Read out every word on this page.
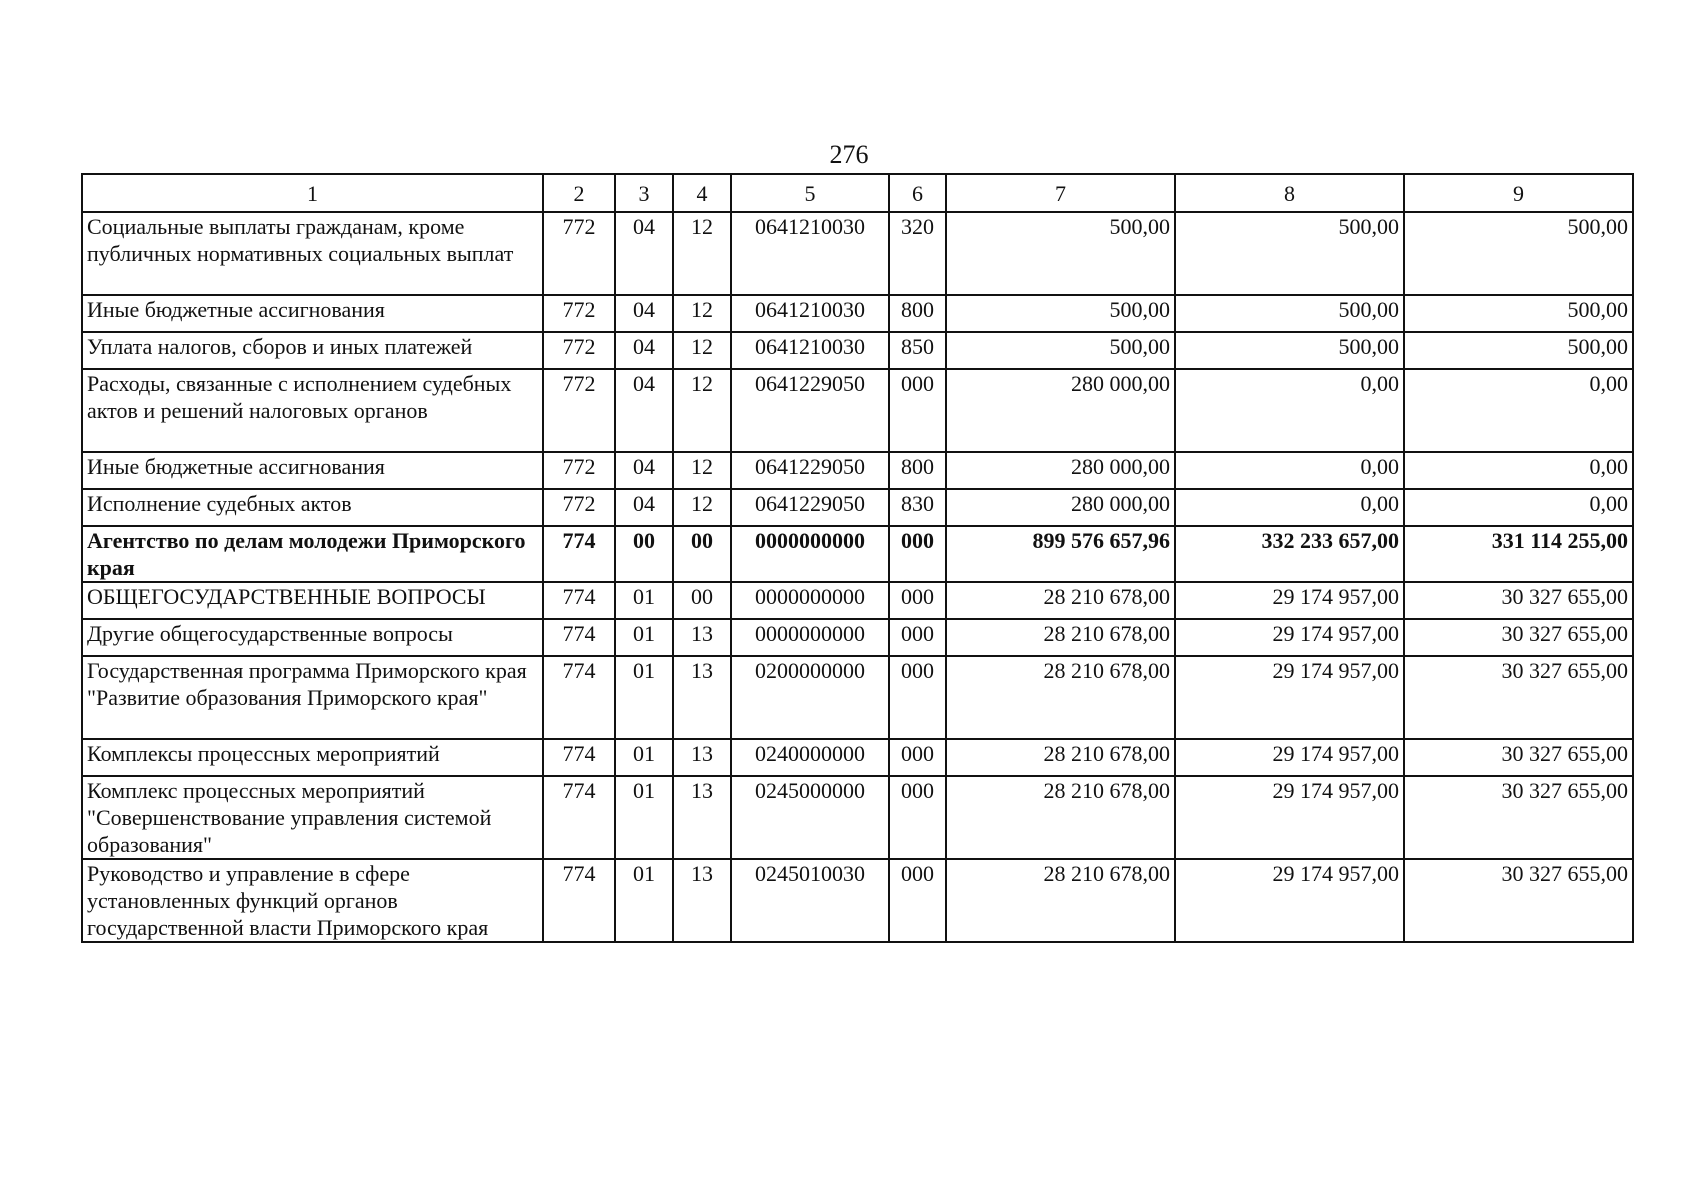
276
1	2	3	4	5	6	7	8	9
Социальные выплаты гражданам, кроме публичных нормативных социальных выплат	772	04	12	0641210030	320	500,00	500,00	500,00
Иные бюджетные ассигнования	772	04	12	0641210030	800	500,00	500,00	500,00
Уплата налогов, сборов и иных платежей	772	04	12	0641210030	850	500,00	500,00	500,00
Расходы, связанные с исполнением судебных актов и решений налоговых органов	772	04	12	0641229050	000	280 000,00	0,00	0,00
Иные бюджетные ассигнования	772	04	12	0641229050	800	280 000,00	0,00	0,00
Исполнение судебных актов	772	04	12	0641229050	830	280 000,00	0,00	0,00
Агентство по делам молодежи Приморского края	774	00	00	0000000000	000	899 576 657,96	332 233 657,00	331 114 255,00
ОБЩЕГОСУДАРСТВЕННЫЕ ВОПРОСЫ	774	01	00	0000000000	000	28 210 678,00	29 174 957,00	30 327 655,00
Другие общегосударственные вопросы	774	01	13	0000000000	000	28 210 678,00	29 174 957,00	30 327 655,00
Государственная программа Приморского края "Развитие образования Приморского края"	774	01	13	0200000000	000	28 210 678,00	29 174 957,00	30 327 655,00
Комплексы процессных мероприятий	774	01	13	0240000000	000	28 210 678,00	29 174 957,00	30 327 655,00
Комплекс процессных мероприятий "Совершенствование управления системой образования"	774	01	13	0245000000	000	28 210 678,00	29 174 957,00	30 327 655,00
Руководство и управление в сфере установленных функций органов государственной власти Приморского края	774	01	13	0245010030	000	28 210 678,00	29 174 957,00	30 327 655,00
